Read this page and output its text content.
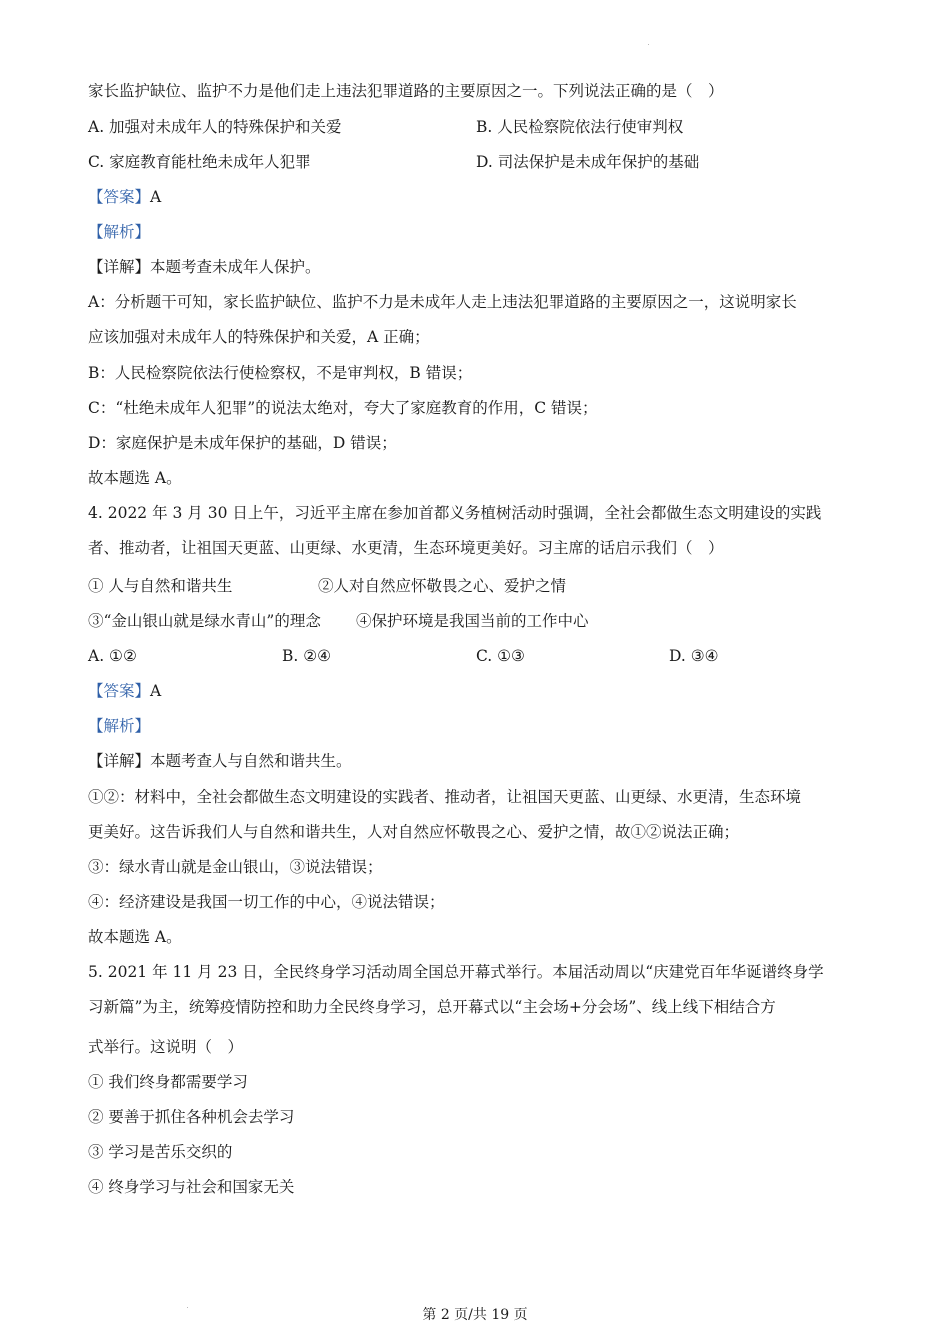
家长监护缺位、监护不力是他们走上违法犯罪道路的主要原因之一。下列说法正确的是（　）
A. 加强对未成年人的特殊保护和关爱	B. 人民检察院依法行使审判权
C. 家庭教育能杜绝未成年人犯罪	D. 司法保护是未成年保护的基础
【答案】A
【解析】
【详解】本题考查未成年人保护。
A：分析题干可知，家长监护缺位、监护不力是未成年人走上违法犯罪道路的主要原因之一，这说明家长
应该加强对未成年人的特殊保护和关爱，A 正确；
B：人民检察院依法行使检察权，不是审判权，B 错误；
C：“杜绝未成年人犯罪”的说法太绝对，夸大了家庭教育的作用，C 错误；
D：家庭保护是未成年保护的基础，D 错误；
故本题选 A。
4. 2022 年 3 月 30 日上午，习近平主席在参加首都义务植树活动时强调，全社会都做生态文明建设的实践
者、推动者，让祖国天更蓝、山更绿、水更清，生态环境更美好。习主席的话启示我们（　）
① 人与自然和谐共生	②人对自然应怀敬畏之心、爱护之情
③“金山银山就是绿水青山”的理念 ④保护环境是我国当前的工作中心
A. ①②	B. ②④	C. ①③	D. ③④
【答案】A
【解析】
【详解】本题考查人与自然和谐共生。
①②：材料中，全社会都做生态文明建设的实践者、推动者，让祖国天更蓝、山更绿、水更清，生态环境
更美好。这告诉我们人与自然和谐共生，人对自然应怀敬畏之心、爱护之情，故①②说法正确；
③：绿水青山就是金山银山，③说法错误；
④：经济建设是我国一切工作的中心，④说法错误；
故本题选 A。
5. 2021 年 11 月 23 日，全民终身学习活动周全国总开幕式举行。本届活动周以“庆建党百年华诞谱终身学
习新篇”为主，统筹疫情防控和助力全民终身学习，总开幕式以“主会场+分会场”、线上线下相结合方
式举行。这说明（　）
① 我们终身都需要学习
② 要善于抓住各种机会去学习
③ 学习是苦乐交织的
④ 终身学习与社会和国家无关
第 2 页/共 19 页
